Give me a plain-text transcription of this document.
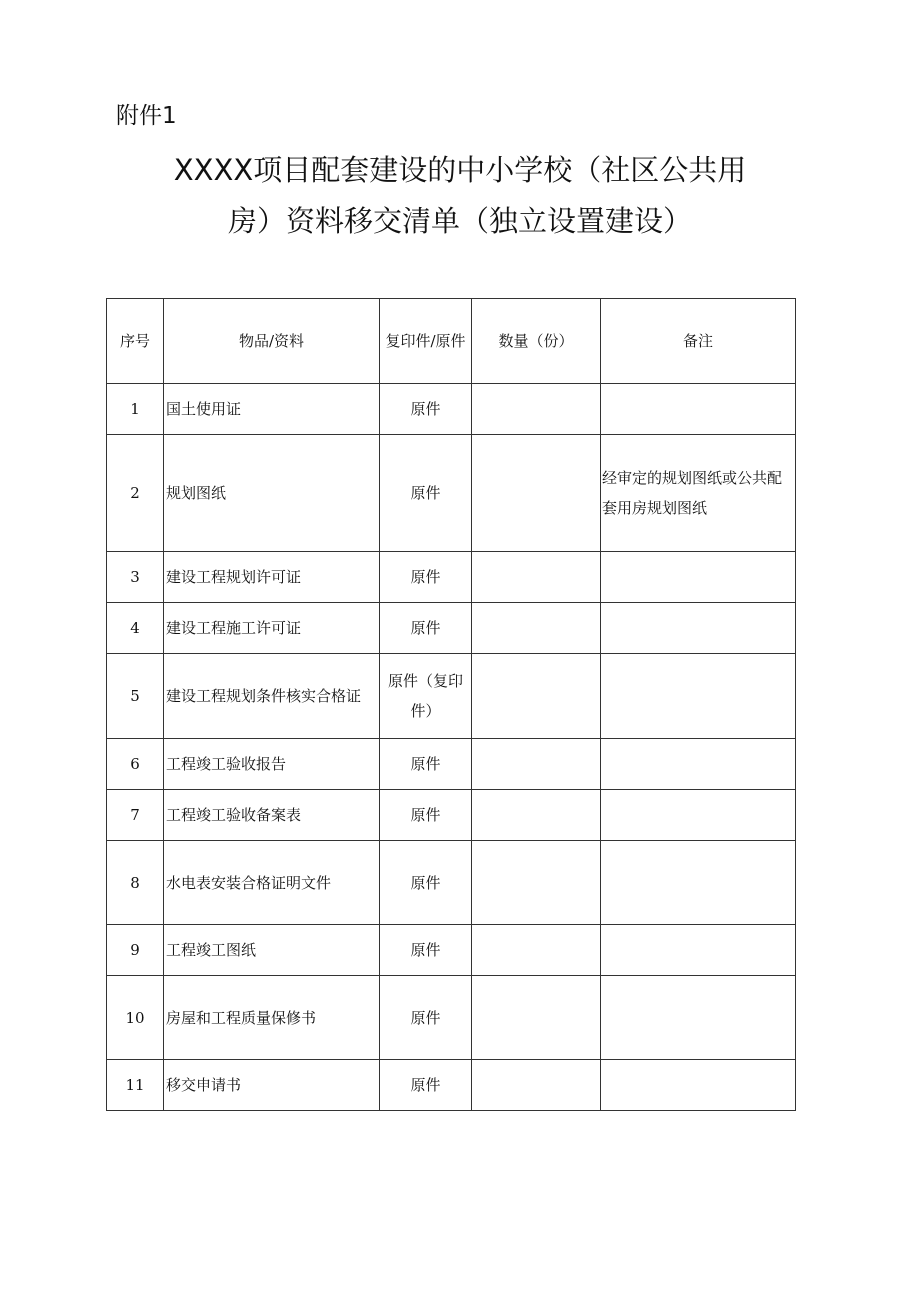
附件1
XXXX项目配套建设的中小学校（社区公共用
房）资料移交清单（独立设置建设）
序号	物品/资料	复印件/原件	数量（份）	备注
1	国土使用证	原件		
2	规划图纸	原件		经审定的规划图纸或公共配套用房规划图纸
3	建设工程规划许可证	原件		
4	建设工程施工许可证	原件		
5	建设工程规划条件核实合格证	原件（复印件）		
6	工程竣工验收报告	原件		
7	工程竣工验收备案表	原件		
8	水电表安装合格证明文件	原件		
9	工程竣工图纸	原件		
10	房屋和工程质量保修书	原件		
11	移交申请书	原件		
